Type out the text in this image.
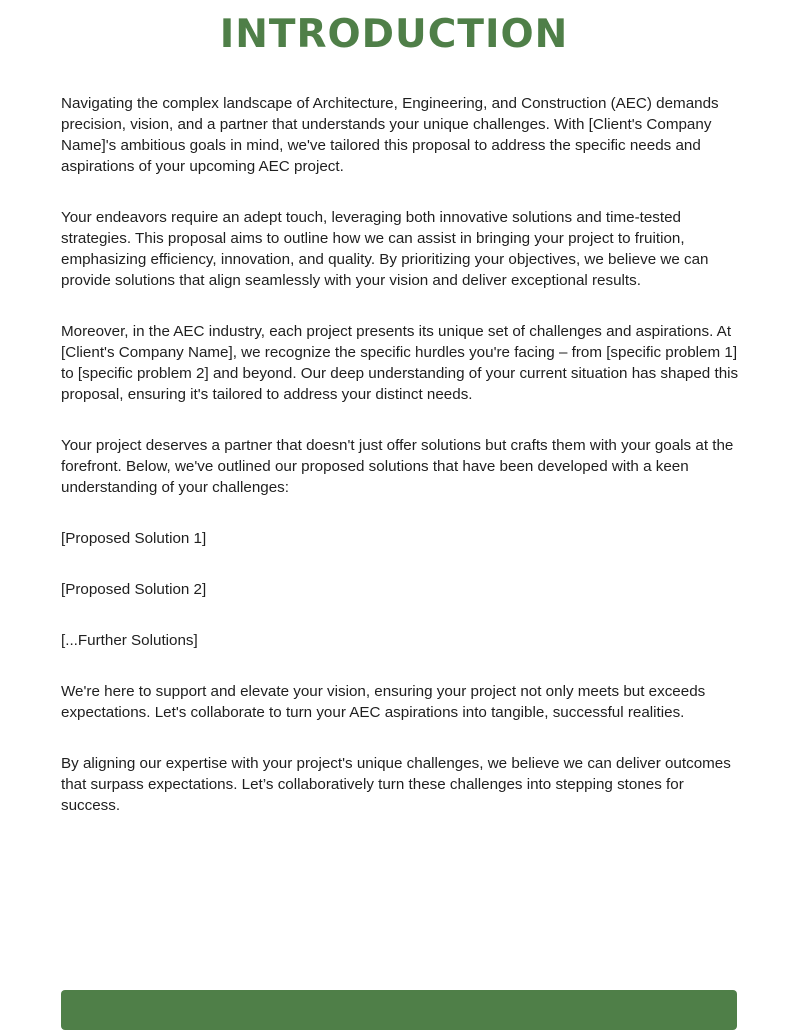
INTRODUCTION

Navigating the complex landscape of Architecture, Engineering, and Construction (AEC) demands precision, vision, and a partner that understands your unique challenges. With [Client's Company Name]'s ambitious goals in mind, we've tailored this proposal to address the specific needs and aspirations of your upcoming AEC project.

Your endeavors require an adept touch, leveraging both innovative solutions and time-tested strategies. This proposal aims to outline how we can assist in bringing your project to fruition, emphasizing efficiency, innovation, and quality. By prioritizing your objectives, we believe we can provide solutions that align seamlessly with your vision and deliver exceptional results.

Moreover, in the AEC industry, each project presents its unique set of challenges and aspirations. At [Client's Company Name], we recognize the specific hurdles you're facing – from [specific problem 1] to [specific problem 2] and beyond. Our deep understanding of your current situation has shaped this proposal, ensuring it's tailored to address your distinct needs.

Your project deserves a partner that doesn't just offer solutions but crafts them with your goals at the forefront. Below, we've outlined our proposed solutions that have been developed with a keen understanding of your challenges:

[Proposed Solution 1]

[Proposed Solution 2]

[...Further Solutions]

We're here to support and elevate your vision, ensuring your project not only meets but exceeds expectations. Let's collaborate to turn your AEC aspirations into tangible, successful realities.

By aligning our expertise with your project's unique challenges, we believe we can deliver outcomes that surpass expectations. Let’s collaboratively turn these challenges into stepping stones for success.
